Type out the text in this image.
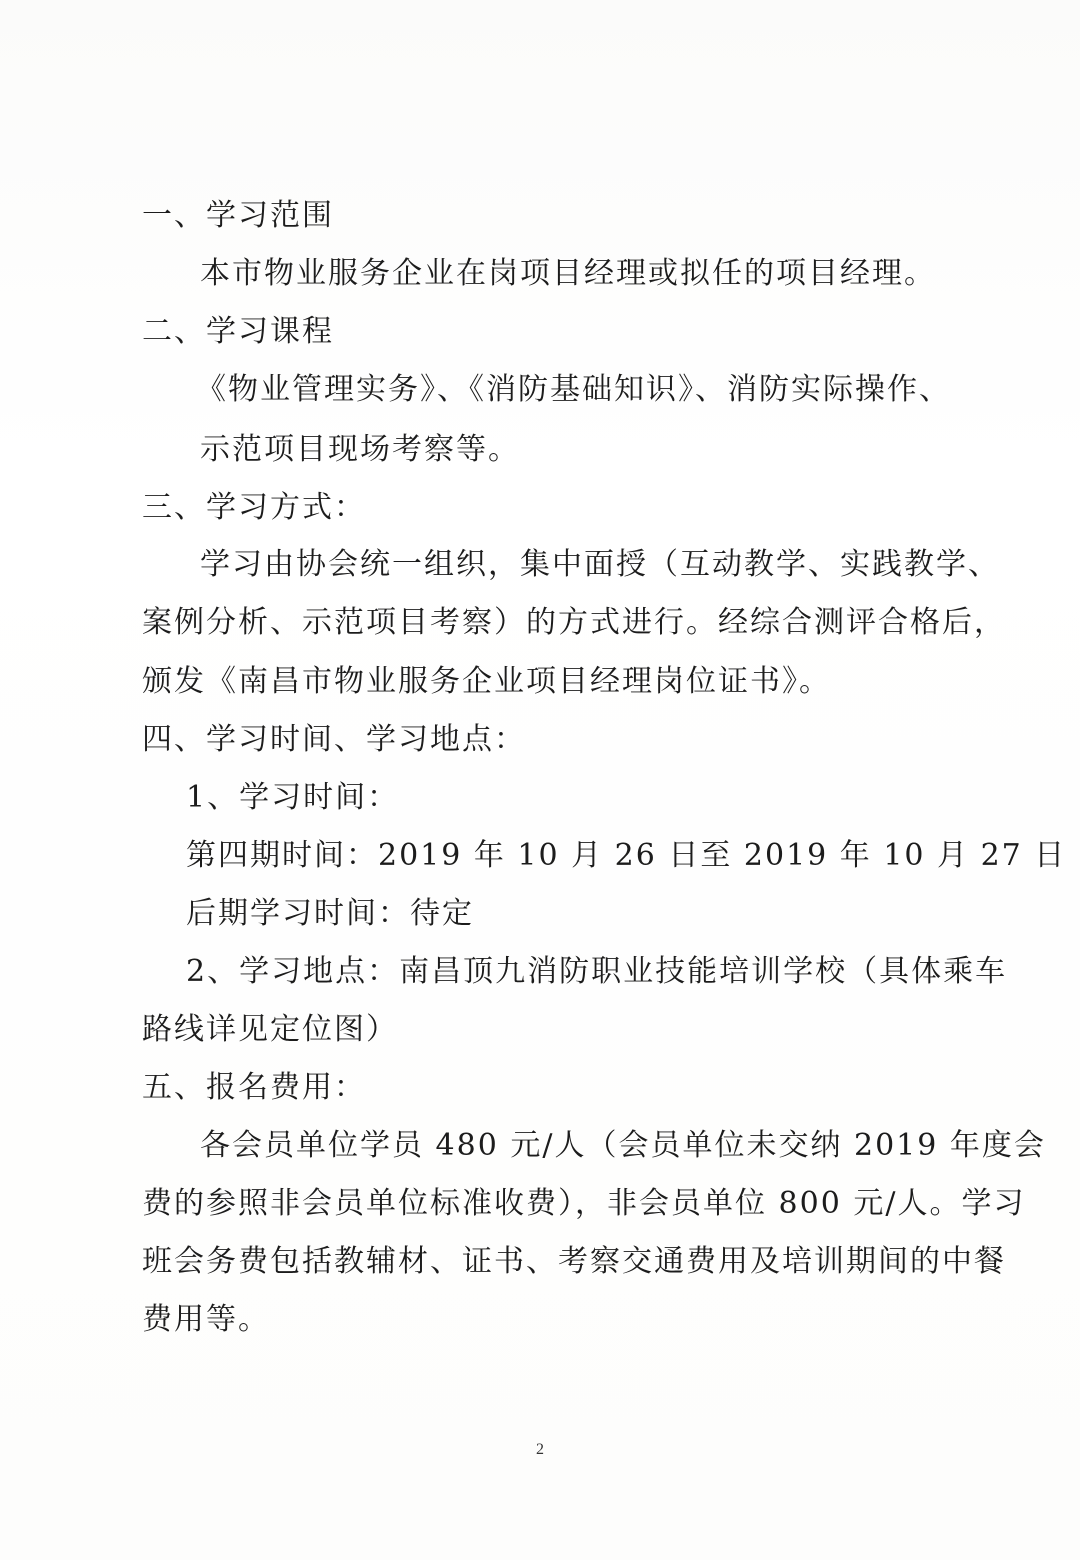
一、学习范围
本市物业服务企业在岗项目经理或拟任的项目经理。
二、学习课程
《物业管理实务》、《消防基础知识》、消防实际操作、
示范项目现场考察等。
三、学习方式：
学习由协会统一组织，集中面授（互动教学、实践教学、
案例分析、示范项目考察）的方式进行。经综合测评合格后，
颁发《南昌市物业服务企业项目经理岗位证书》。
四、学习时间、学习地点：
1、学习时间：
第四期时间：2019 年 10 月 26 日至 2019 年 10 月 27 日
后期学习时间：待定
2、学习地点：南昌顶九消防职业技能培训学校（具体乘车
路线详见定位图）
五、报名费用：
各会员单位学员 480 元/人（会员单位未交纳 2019 年度会
费的参照非会员单位标准收费），非会员单位 800 元/人。学习
班会务费包括教辅材、证书、考察交通费用及培训期间的中餐
费用等。
2
